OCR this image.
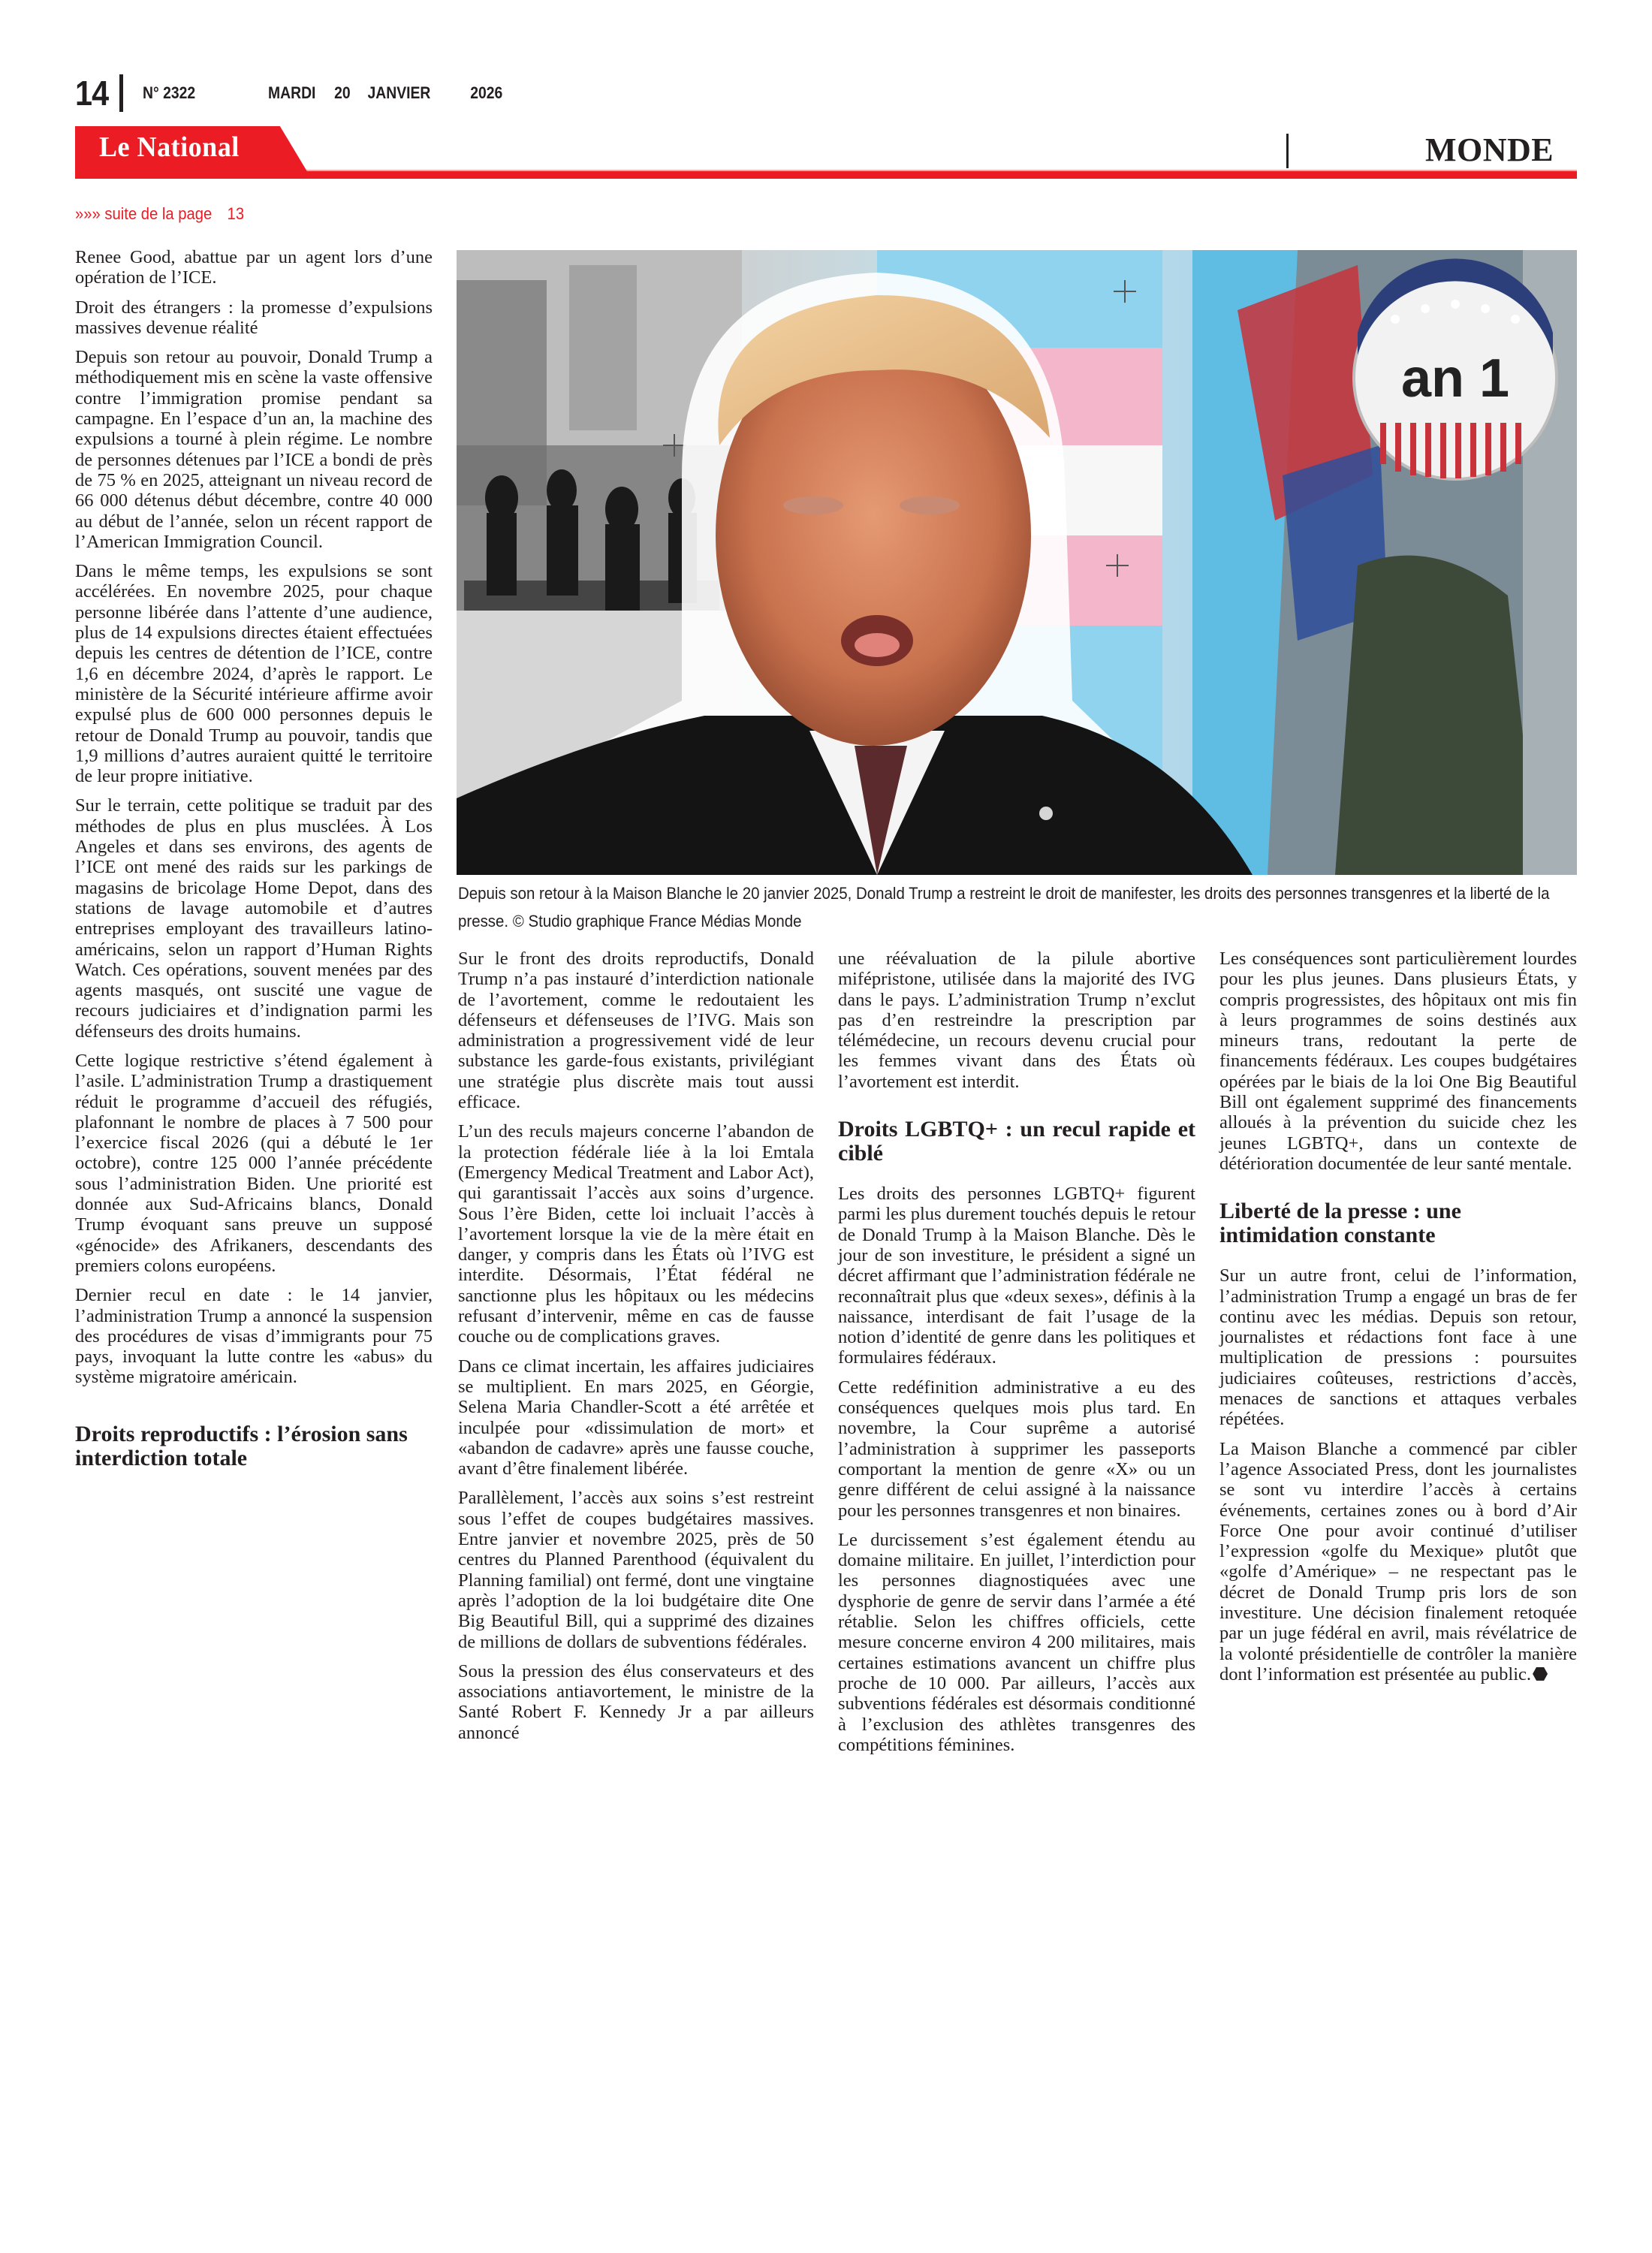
14 N° 2322	MARDI 20 JANVIER 2026
Le National	MONDE
»»» suite de la page 13
an 1
Depuis son retour à la Maison Blanche le 20 janvier 2025, Donald Trump a restreint le droit de manifester, les droits des personnes transgenres et la liberté de la presse. © Studio graphique France Médias Monde

Renee Good, abattue par un agent lors d’une opération de l’ICE.

Droit des étrangers : la promesse d’expulsions massives devenue réalité

Depuis son retour au pouvoir, Donald Trump a méthodiquement mis en scène la vaste offensive contre l’immigration promise pendant sa campagne. En l’espace d’un an, la machine des expulsions a tourné à plein régime. Le nombre de personnes détenues par l’ICE a bondi de près de 75 % en 2025, atteignant un niveau record de 66 000 détenus début décembre, contre 40 000 au début de l’année, selon un récent rapport de l’American Immigration Council.

Dans le même temps, les expulsions se sont accélérées. En novembre 2025, pour chaque personne libérée dans l’attente d’une audience, plus de 14 expulsions directes étaient effectuées depuis les centres de détention de l’ICE, contre 1,6 en décembre 2024, d’après le rapport. Le ministère de la Sécurité intérieure affirme avoir expulsé plus de 600 000 personnes depuis le retour de Donald Trump au pouvoir, tandis que 1,9 millions d’autres auraient quitté le territoire de leur propre initiative.

Sur le terrain, cette politique se traduit par des méthodes de plus en plus musclées. À Los Angeles et dans ses environs, des agents de l’ICE ont mené des raids sur les parkings de magasins de bricolage Home Depot, dans des stations de lavage automobile et d’autres entreprises employant des travailleurs latino-américains, selon un rapport d’Human Rights Watch. Ces opérations, souvent menées par des agents masqués, ont suscité une vague de recours judiciaires et d’indignation parmi les défenseurs des droits humains.

Cette logique restrictive s’étend également à l’asile. L’administration Trump a drastiquement réduit le programme d’accueil des réfugiés, plafonnant le nombre de places à 7 500 pour l’exercice fiscal 2026 (qui a débuté le 1er octobre), contre 125 000 l’année précédente sous l’administration Biden. Une priorité est donnée aux Sud-Africains blancs, Donald Trump évoquant sans preuve un supposé «génocide» des Afrikaners, descendants des premiers colons européens.

Dernier recul en date : le 14 janvier, l’administration Trump a annoncé la suspension des procédures de visas d’immigrants pour 75 pays, invoquant la lutte contre les «abus» du système migratoire américain.

Droits reproductifs : l’érosion sans interdiction totale

Sur le front des droits reproductifs, Donald Trump n’a pas instauré d’interdiction nationale de l’avortement, comme le redoutaient les défenseurs et défenseuses de l’IVG. Mais son administration a progressivement vidé de leur substance les garde-fous existants, privilégiant une stratégie plus discrète mais tout aussi efficace.

L’un des reculs majeurs concerne l’abandon de la protection fédérale liée à la loi Emtala (Emergency Medical Treatment and Labor Act), qui garantissait l’accès aux soins d’urgence. Sous l’ère Biden, cette loi incluait l’accès à l’avortement lorsque la vie de la mère était en danger, y compris dans les États où l’IVG est interdite. Désormais, l’État fédéral ne sanctionne plus les hôpitaux ou les médecins refusant d’intervenir, même en cas de fausse couche ou de complications graves.

Dans ce climat incertain, les affaires judiciaires se multiplient. En mars 2025, en Géorgie, Selena Maria Chandler-Scott a été arrêtée et inculpée pour «dissimulation de mort» et «abandon de cadavre» après une fausse couche, avant d’être finalement libérée.

Parallèlement, l’accès aux soins s’est restreint sous l’effet de coupes budgétaires massives. Entre janvier et novembre 2025, près de 50 centres du Planned Parenthood (équivalent du Planning familial) ont fermé, dont une vingtaine après l’adoption de la loi budgétaire dite One Big Beautiful Bill, qui a supprimé des dizaines de millions de dollars de subventions fédérales.

Sous la pression des élus conservateurs et des associations antiavortement, le ministre de la Santé Robert F. Kennedy Jr a par ailleurs annoncé

une réévaluation de la pilule abortive mifépristone, utilisée dans la majorité des IVG dans le pays. L’administration Trump n’exclut pas d’en restreindre la prescription par télémédecine, un recours devenu crucial pour les femmes vivant dans des États où l’avortement est interdit.

Droits LGBTQ+ : un recul rapide et ciblé

Les droits des personnes LGBTQ+ figurent parmi les plus durement touchés depuis le retour de Donald Trump à la Maison Blanche. Dès le jour de son investiture, le président a signé un décret affirmant que l’administration fédérale ne reconnaîtrait plus que «deux sexes», définis à la naissance, interdisant de fait l’usage de la notion d’identité de genre dans les politiques et formulaires fédéraux.

Cette redéfinition administrative a eu des conséquences quelques mois plus tard. En novembre, la Cour suprême a autorisé l’administration à supprimer les passeports comportant la mention de genre «X» ou un genre différent de celui assigné à la naissance pour les personnes transgenres et non binaires.

Le durcissement s’est également étendu au domaine militaire. En juillet, l’interdiction pour les personnes diagnostiquées avec une dysphorie de genre de servir dans l’armée a été rétablie. Selon les chiffres officiels, cette mesure concerne environ 4 200 militaires, mais certaines estimations avancent un chiffre plus proche de 10 000. Par ailleurs, l’accès aux subventions fédérales est désormais conditionné à l’exclusion des athlètes transgenres des compétitions féminines.

Les conséquences sont particulièrement lourdes pour les plus jeunes. Dans plusieurs États, y compris progressistes, des hôpitaux ont mis fin à leurs programmes de soins destinés aux mineurs trans, redoutant la perte de financements fédéraux. Les coupes budgétaires opérées par le biais de la loi One Big Beautiful Bill ont également supprimé des financements alloués à la prévention du suicide chez les jeunes LGBTQ+, dans un contexte de détérioration documentée de leur santé mentale.

Liberté de la presse : une intimidation constante

Sur un autre front, celui de l’information, l’administration Trump a engagé un bras de fer continu avec les médias. Depuis son retour, journalistes et rédactions font face à une multiplication de pressions : poursuites judiciaires coûteuses, restrictions d’accès, menaces de sanctions et attaques verbales répétées.

La Maison Blanche a commencé par cibler l’agence Associated Press, dont les journalistes se sont vu interdire l’accès à certains événements, certaines zones ou à bord d’Air Force One pour avoir continué d’utiliser l’expression «golfe du Mexique» plutôt que «golfe d’Amérique» – ne respectant pas le décret de Donald Trump pris lors de son investiture. Une décision finalement retoquée par un juge fédéral en avril, mais révélatrice de la volonté présidentielle de contrôler la manière dont l’information est présentée au public.
